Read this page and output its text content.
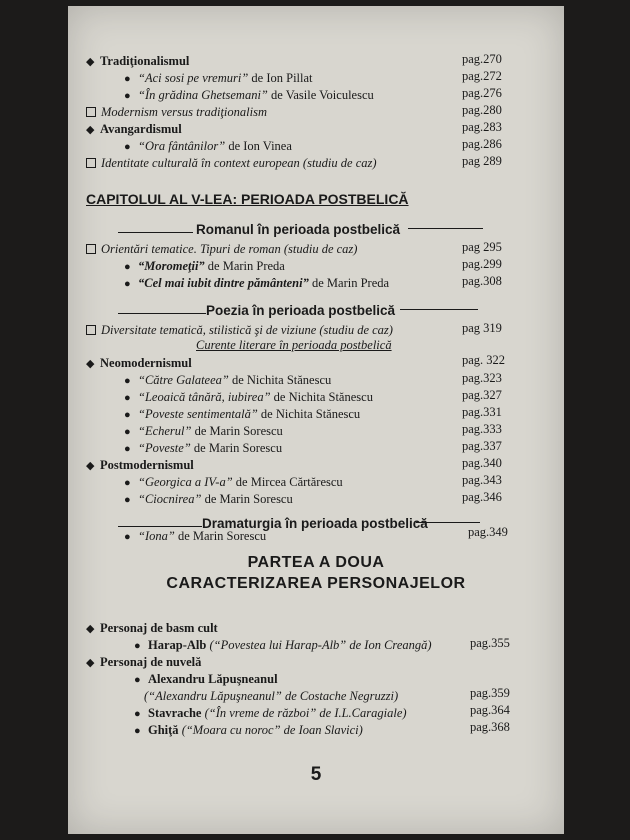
◆ Tradiţionalismul	pag.270
● “Aci sosi pe vremuri” de Ion Pillat	pag.272
● “În grădina Ghetsemani” de Vasile Voiculescu	pag.276
Modernism versus tradiţionalism	pag.280
◆ Avangardismul	pag.283
● “Ora fântânilor” de Ion Vinea	pag.286
Identitate culturală în context european (studiu de caz)	pag 289
CAPITOLUL AL V-LEA: PERIOADA POSTBELICĂ
Romanul în perioada postbelică
Orientări tematice. Tipuri de roman (studiu de caz)	pag 295
● “Moromeţii” de Marin Preda	pag.299
● “Cel mai iubit dintre pământeni” de Marin Preda	pag.308
Poezia în perioada postbelică
Diversitate tematică, stilistică şi de viziune (studiu de caz)	pag 319
Curente literare în perioada postbelică
◆ Neomodernismul	pag. 322
● “Către Galateea” de Nichita Stănescu	pag.323
● “Leoaică tânără, iubirea” de Nichita Stănescu	pag.327
● “Poveste sentimentală” de Nichita Stănescu	pag.331
● “Echerul” de Marin Sorescu	pag.333
● “Poveste” de Marin Sorescu	pag.337
◆ Postmodernismul	pag.340
● “Georgica a IV-a” de Mircea Cărtărescu	pag.343
● “Ciocnirea” de Marin Sorescu	pag.346
Dramaturgia în perioada postbelică
● “Iona” de Marin Sorescu	pag.349
PARTEA A DOUA
CARACTERIZAREA PERSONAJELOR
◆ Personaj de basm cult
● Harap-Alb (“Povestea lui Harap-Alb” de Ion Creangă)	pag.355
◆ Personaj de nuvelă
● Alexandru Lăpuşneanul
(“Alexandru Lăpuşneanul” de Costache Negruzzi)	pag.359
● Stavrache (“În vreme de război” de I.L.Caragiale)	pag.364
● Ghiţă (“Moara cu noroc” de Ioan Slavici)	pag.368
5
